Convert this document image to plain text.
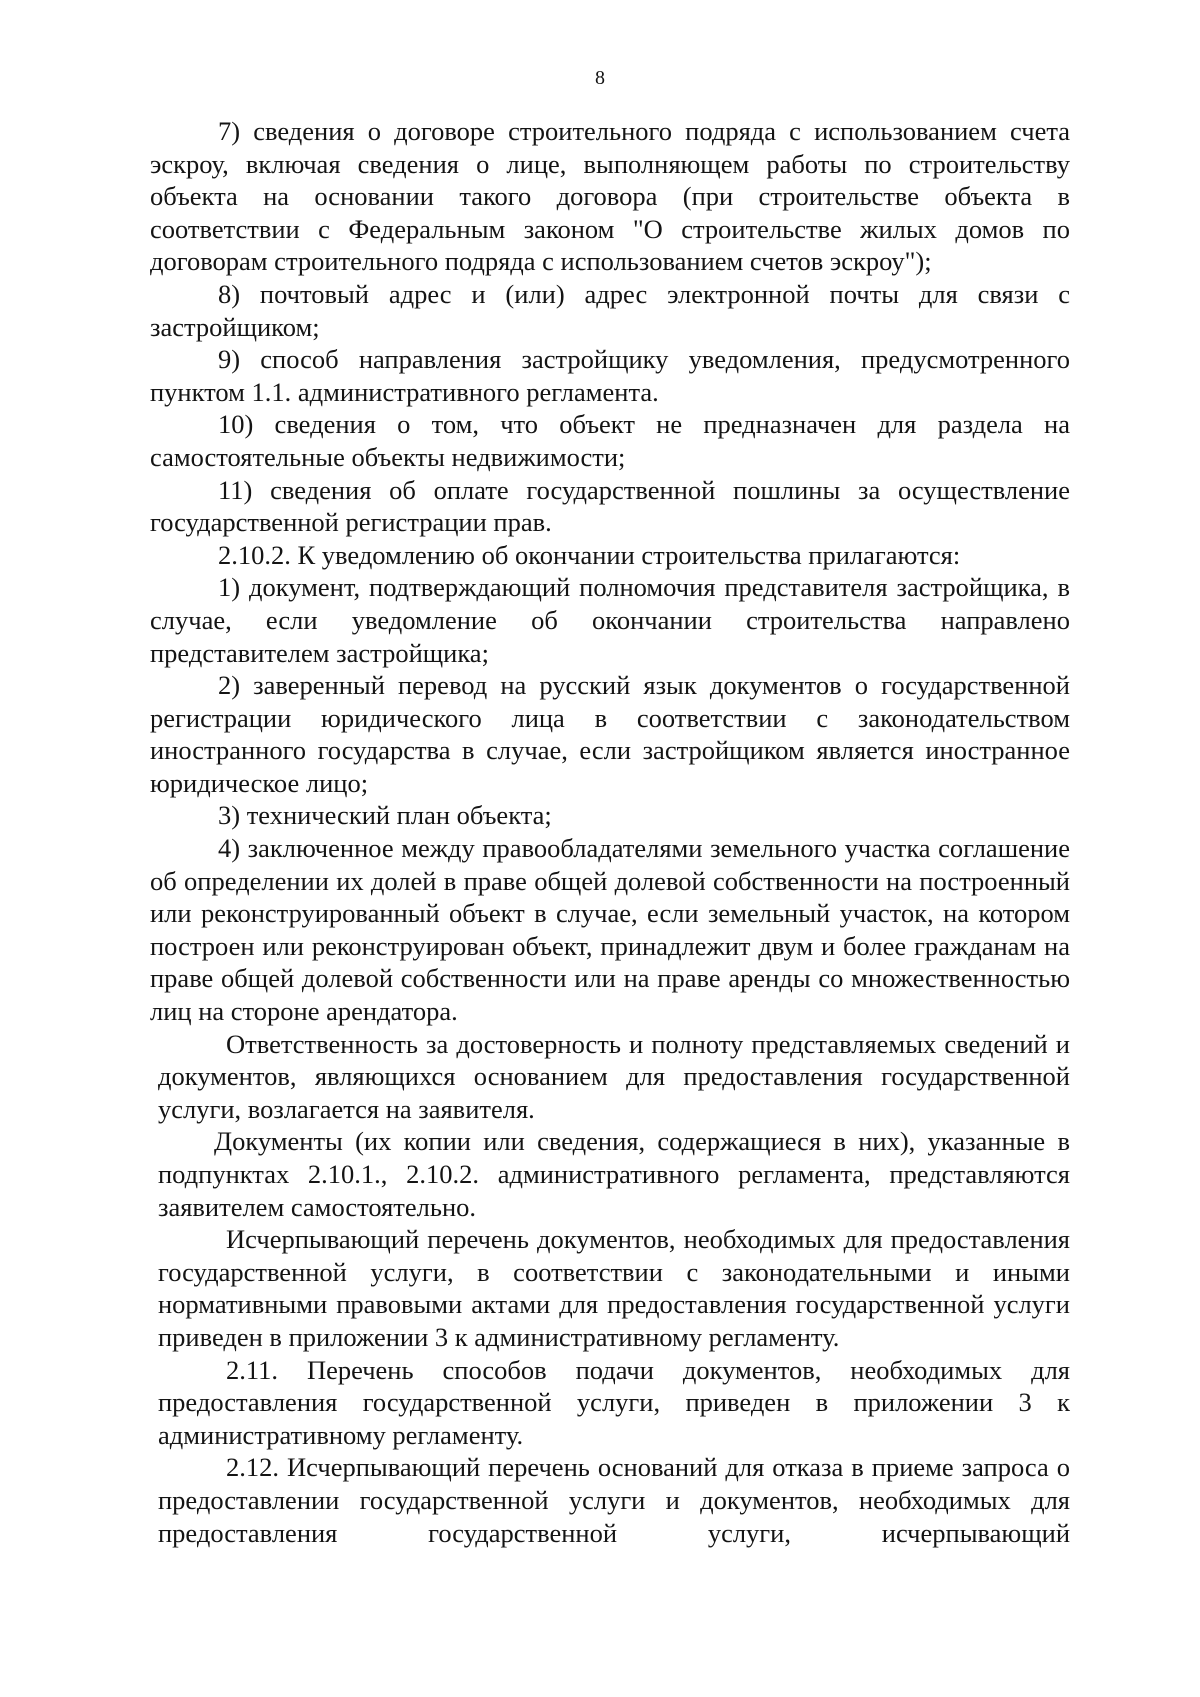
8

7) сведения о договоре строительного подряда с использованием счета эскроу, включая сведения о лице, выполняющем работы по строительству объекта на основании такого договора (при строительстве объекта в соответствии с Федеральным законом "О строительстве жилых домов по договорам строительного подряда с использованием счетов эскроу");

8) почтовый адрес и (или) адрес электронной почты для связи с застройщиком;

9) способ направления застройщику уведомления, предусмотренного пунктом 1.1. административного регламента.

10) сведения о том, что объект не предназначен для раздела на самостоятельные объекты недвижимости;

11) сведения об оплате государственной пошлины за осуществление государственной регистрации прав.

2.10.2. К уведомлению об окончании строительства прилагаются:

1) документ, подтверждающий полномочия представителя застройщика, в случае, если уведомление об окончании строительства направлено представителем застройщика;

2) заверенный перевод на русский язык документов о государственной регистрации юридического лица в соответствии с законодательством иностранного государства в случае, если застройщиком является иностранное юридическое лицо;

3) технический план объекта;

4) заключенное между правообладателями земельного участка соглашение об определении их долей в праве общей долевой собственности на построенный или реконструированный объект в случае, если земельный участок, на котором построен или реконструирован объект, принадлежит двум и более гражданам на праве общей долевой собственности или на праве аренды со множественностью лиц на стороне арендатора.

Ответственность за достоверность и полноту представляемых сведений и документов, являющихся основанием для предоставления государственной услуги, возлагается на заявителя.

Документы (их копии или сведения, содержащиеся в них), указанные в подпунктах 2.10.1., 2.10.2. административного регламента, представляются заявителем самостоятельно.

Исчерпывающий перечень документов, необходимых для предоставления государственной услуги, в соответствии с законодательными и иными нормативными правовыми актами для предоставления государственной услуги приведен в приложении 3 к административному регламенту.

2.11. Перечень способов подачи документов, необходимых для предоставления государственной услуги, приведен в приложении 3 к административному регламенту.

2.12. Исчерпывающий перечень оснований для отказа в приеме запроса о предоставлении государственной услуги и документов, необходимых для предоставления государственной услуги, исчерпывающий
